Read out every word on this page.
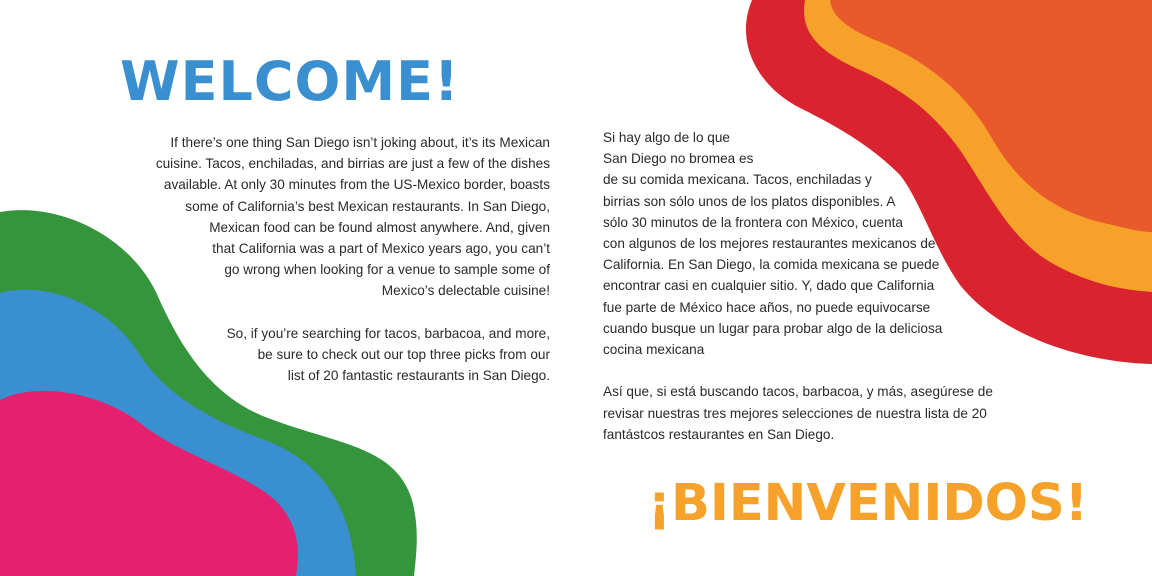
WELCOME!

If there’s one thing San Diego isn’t joking about, it’s its Mexican
cuisine. Tacos, enchiladas, and birrias are just a few of the dishes
available. At only 30 minutes from the US-Mexico border, boasts
some of California’s best Mexican restaurants. In San Diego,
Mexican food can be found almost anywhere. And, given
that California was a part of Mexico years ago, you can’t
go wrong when looking for a venue to sample some of
Mexico’s delectable cuisine!

So, if you’re searching for tacos, barbacoa, and more,
be sure to check out our top three picks from our
list of 20 fantastic restaurants in San Diego.

Si hay algo de lo que
San Diego no bromea es
de su comida mexicana. Tacos, enchiladas y
birrias son sólo unos de los platos disponibles. A
sólo 30 minutos de la frontera con México, cuenta
con algunos de los mejores restaurantes mexicanos de
California. En San Diego, la comida mexicana se puede
encontrar casi en cualquier sitio. Y, dado que California
fue parte de México hace años, no puede equivocarse
cuando busque un lugar para probar algo de la deliciosa
cocina mexicana

Así que, si está buscando tacos, barbacoa, y más, asegúrese de
revisar nuestras tres mejores selecciones de nuestra lista de 20
fantástcos restaurantes en San Diego.

¡BIENVENIDOS!
